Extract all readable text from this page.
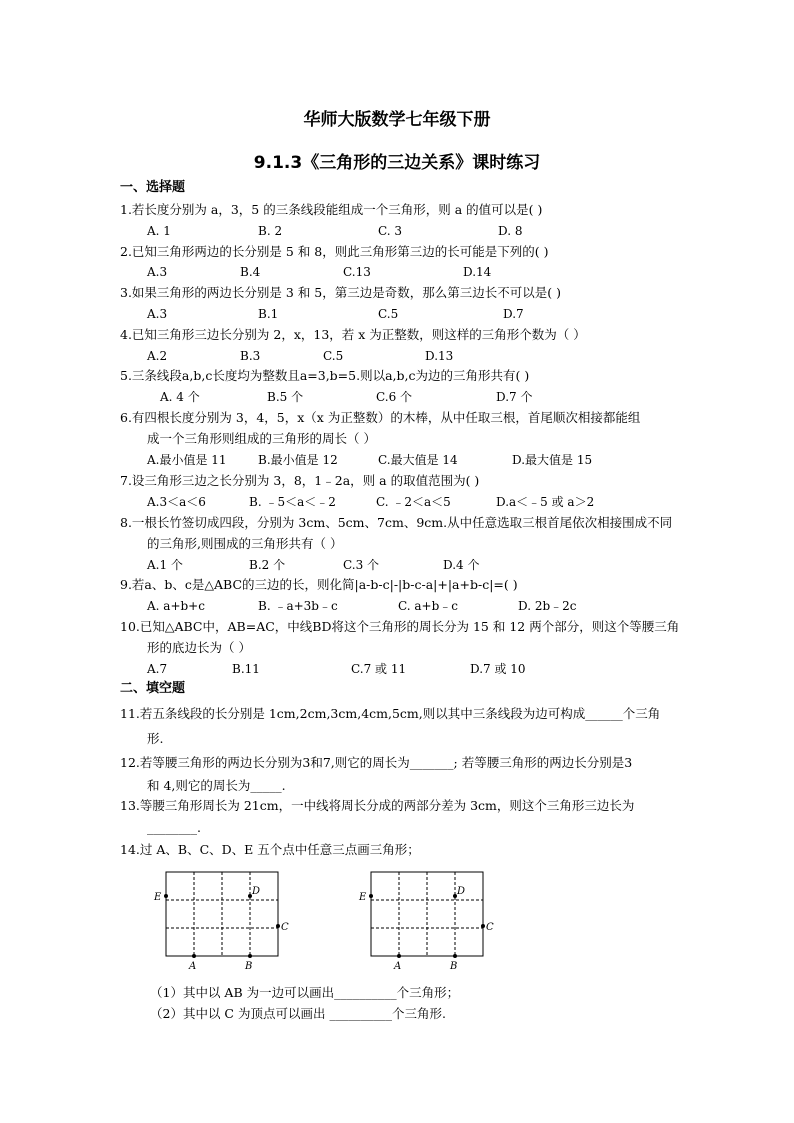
华师大版数学七年级下册
9.1.3《三角形的三边关系》课时练习
一、选择题
1.若长度分别为 a，3，5 的三条线段能组成一个三角形，则 a 的值可以是( )
A. 1	B. 2	C. 3	D. 8
2.已知三角形两边的长分别是 5 和 8，则此三角形第三边的长可能是下列的( )
A.3	B.4	C.13	D.14
3.如果三角形的两边长分别是 3 和 5，第三边是奇数，那么第三边长不可以是( )
A.3	B.1	C.5	D.7
4.已知三角形三边长分别为 2，x，13，若 x 为正整数，则这样的三角形个数为（ ）
A.2	B.3	C.5	D.13
5.三条线段a,b,c长度均为整数且a=3,b=5.则以a,b,c为边的三角形共有( )
A. 4 个	B.5 个	C.6 个	D.7 个
6.有四根长度分别为 3，4，5，x（x 为正整数）的木棒，从中任取三根，首尾顺次相接都能组
成一个三角形则组成的三角形的周长（ ）
A.最小值是 11	B.最小值是 12	C.最大值是 14	D.最大值是 15
7.设三角形三边之长分别为 3，8，1﹣2a，则 a 的取值范围为( )
A.3＜a＜6	B. ﹣5＜a＜﹣2	C. ﹣2＜a＜5	D.a＜﹣5 或 a＞2
8.一根长竹签切成四段，分别为 3cm、5cm、7cm、9cm.从中任意选取三根首尾依次相接围成不同
的三角形,则围成的三角形共有（ ）
A.1 个	B.2 个	C.3 个	D.4 个
9.若a、b、c是△ABC的三边的长，则化简|a-b-c|-|b-c-a|+|a+b-c|=( )
A. a+b+c	B. ﹣a+3b﹣c	C. a+b﹣c	D. 2b﹣2c
10.已知△ABC中，AB=AC，中线BD将这个三角形的周长分为 15 和 12 两个部分，则这个等腰三角
形的底边长为（ ）
A.7	B.11	C.7 或 11	D.7 或 10
二、填空题
11.若五条线段的长分别是 1cm,2cm,3cm,4cm,5cm,则以其中三条线段为边可构成______个三角
形.
12.若等腰三角形的两边长分别为3和7,则它的周长为_______; 若等腰三角形的两边长分别是3
和 4,则它的周长为_____.
13.等腰三角形周长为 21cm，一中线将周长分成的两部分差为 3cm，则这个三角形三边长为
________.
14.过 A、B、C、D、E 五个点中任意三点画三角形；
E
D
C
A	B
E
D
C
A	B
（1）其中以 AB 为一边可以画出__________个三角形；
（2）其中以 C 为顶点可以画出 __________个三角形.
